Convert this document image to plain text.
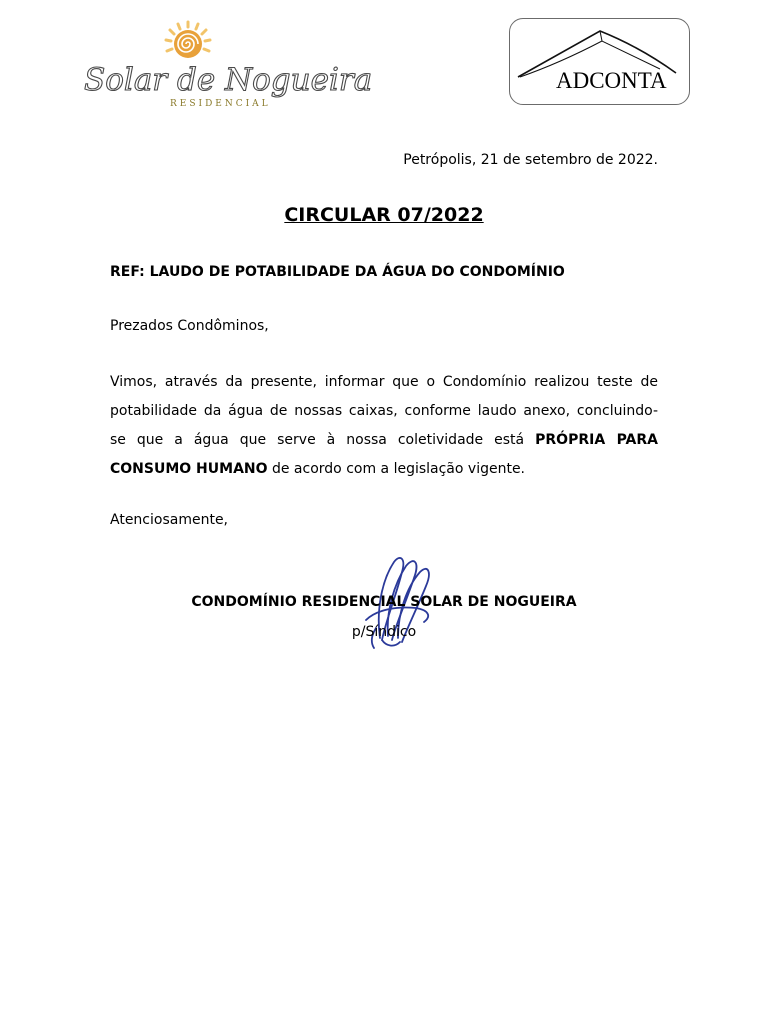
Solar de Nogueira
RESIDENCIAL
ADCONTA
Petrópolis, 21 de setembro de 2022.
CIRCULAR 07/2022
REF: LAUDO DE POTABILIDADE DA ÁGUA DO CONDOMÍNIO
Prezados Condôminos,
Vimos, através da presente, informar que o Condomínio realizou teste de
potabilidade da água de nossas caixas, conforme laudo anexo, concluindo-
se que a água que serve à nossa coletividade está PRÓPRIA PARA
CONSUMO HUMANO de acordo com a legislação vigente.
Atenciosamente,
CONDOMÍNIO RESIDENCIAL SOLAR DE NOGUEIRA
p/Síndico
